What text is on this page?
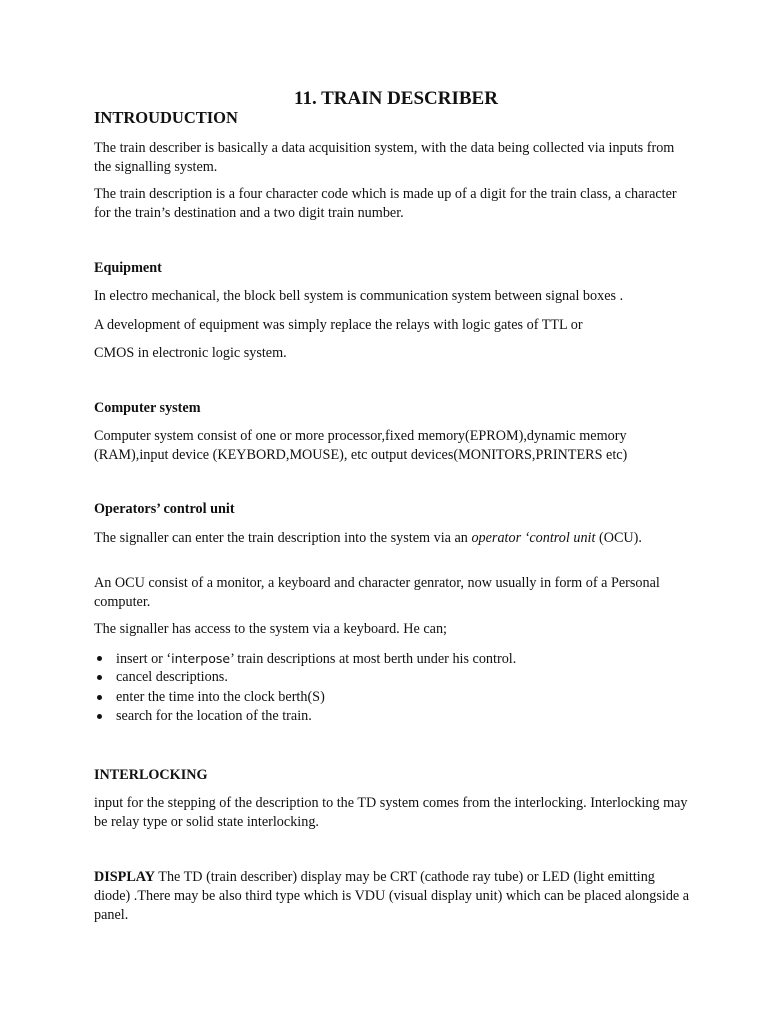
11. TRAIN DESCRIBER
INTROUDUCTION

The train describer is basically a data acquisition system, with the data being collected via inputs from the signalling system.

The train description is a four character code which is made up of a digit for the train class, a character for the train’s destination and a two digit train number.

Equipment

In electro mechanical, the block bell system is communication system between signal boxes .

A development of equipment was simply replace the relays with logic gates of TTL or

CMOS in electronic logic system.

Computer system

Computer system consist of one or more processor,fixed memory(EPROM),dynamic memory (RAM),input device (KEYBORD,MOUSE), etc output devices(MONITORS,PRINTERS etc)

Operators’ control unit

The signaller can enter the train description into the system via an operator ‘control unit (OCU).

An OCU consist of a monitor, a keyboard and character genrator, now usually in form of a Personal computer.

The signaller has access to the system via a keyboard. He can;

insert or ‘interpose’ train descriptions at most berth under his control.
cancel descriptions.
enter the time into the clock berth(S)
search for the location of the train.
INTERLOCKING

input for the stepping of the description to the TD system comes from the interlocking. Interlocking may be relay type or solid state interlocking.

DISPLAY The TD (train describer) display may be CRT (cathode ray tube) or LED (light emitting diode) .There may be also third type which is VDU (visual display unit) which can be placed alongside a panel.
